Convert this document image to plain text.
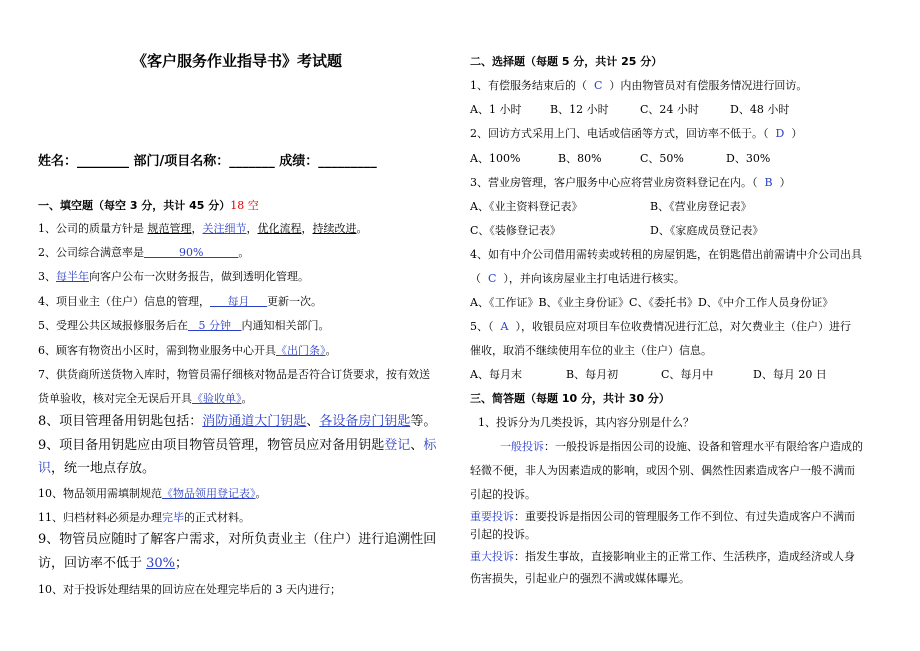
《客户服务作业指导书》考试题
姓名：________ 部门/项目名称：_______ 成绩：_________
一、填空题（每空 3 分，共计 45 分）18 空
1、公司的质量方针是 规范管理，关注细节，优化流程，持续改进。
2、公司综合满意率是          90%          。
3、每半年向客户公布一次财务报告，做到透明化管理。
4、项目业主（住户）信息的管理，     每月     更新一次。
5、受理公共区域报修服务后在   5 分钟   内通知相关部门。
6、顾客有物资出小区时，需到物业服务中心开具《出门条》。
7、供货商所送货物入库时，物管员需仔细核对物品是否符合订货要求，按有效送
货单验收，核对完全无误后开具《验收单》。
8、项目管理备用钥匙包括：消防通道大门钥匙、各设备房门钥匙等。
9、项目备用钥匙应由项目物管员管理，物管员应对备用钥匙登记、标
识，统一地点存放。
10、物品领用需填制规范《物品领用登记表》。
11、归档材料必须是办理完毕的正式材料。
9、物管员应随时了解客户需求，对所负责业主（住户）进行追溯性回
访，回访率不低于 30%；
10、对于投诉处理结果的回访应在处理完毕后的 3 天内进行；
二、选择题（每题 5 分，共计 25 分）
1、有偿服务结束后的（  C  ）内由物管员对有偿服务情况进行回访。
A、1 小时	B、12 小时	C、24 小时	D、48 小时
2、回访方式采用上门、电话或信函等方式，回访率不低于。（  D  ）
A、100%	B、80%	C、50%	D、30%
3、营业房管理，客户服务中心应将营业房资料登记在内。（  B  ）
A、《业主资料登记表》	B、《营业房登记表》
C、《装修登记表》	D、《家庭成员登记表》
4、如有中介公司借用需转卖或转租的房屋钥匙，在钥匙借出前需请中介公司出具
（  C  ），并向该房屋业主打电话进行核实。
A、《工作证》B、《业主身份证》C、《委托书》D、《中介工作人员身份证》
5、（  A  ），收银员应对项目车位收费情况进行汇总，对欠费业主（住户）进行
催收，取消不继续使用车位的业主（住户）信息。
A、每月末	B、每月初	C、每月中	D、每月 20 日
三、简答题（每题 10 分，共计 30 分）
1、投诉分为几类投诉，其内容分别是什么？
一般投诉：一般投诉是指因公司的设施、设备和管理水平有限给客户造成的
轻微不便，非人为因素造成的影响，或因个别、偶然性因素造成客户一般不满而
引起的投诉。
重要投诉：重要投诉是指因公司的管理服务工作不到位、有过失造成客户不满而
引起的投诉。
重大投诉：指发生事故，直接影响业主的正常工作、生活秩序，造成经济或人身
伤害损失，引起业户的强烈不满或媒体曝光。
